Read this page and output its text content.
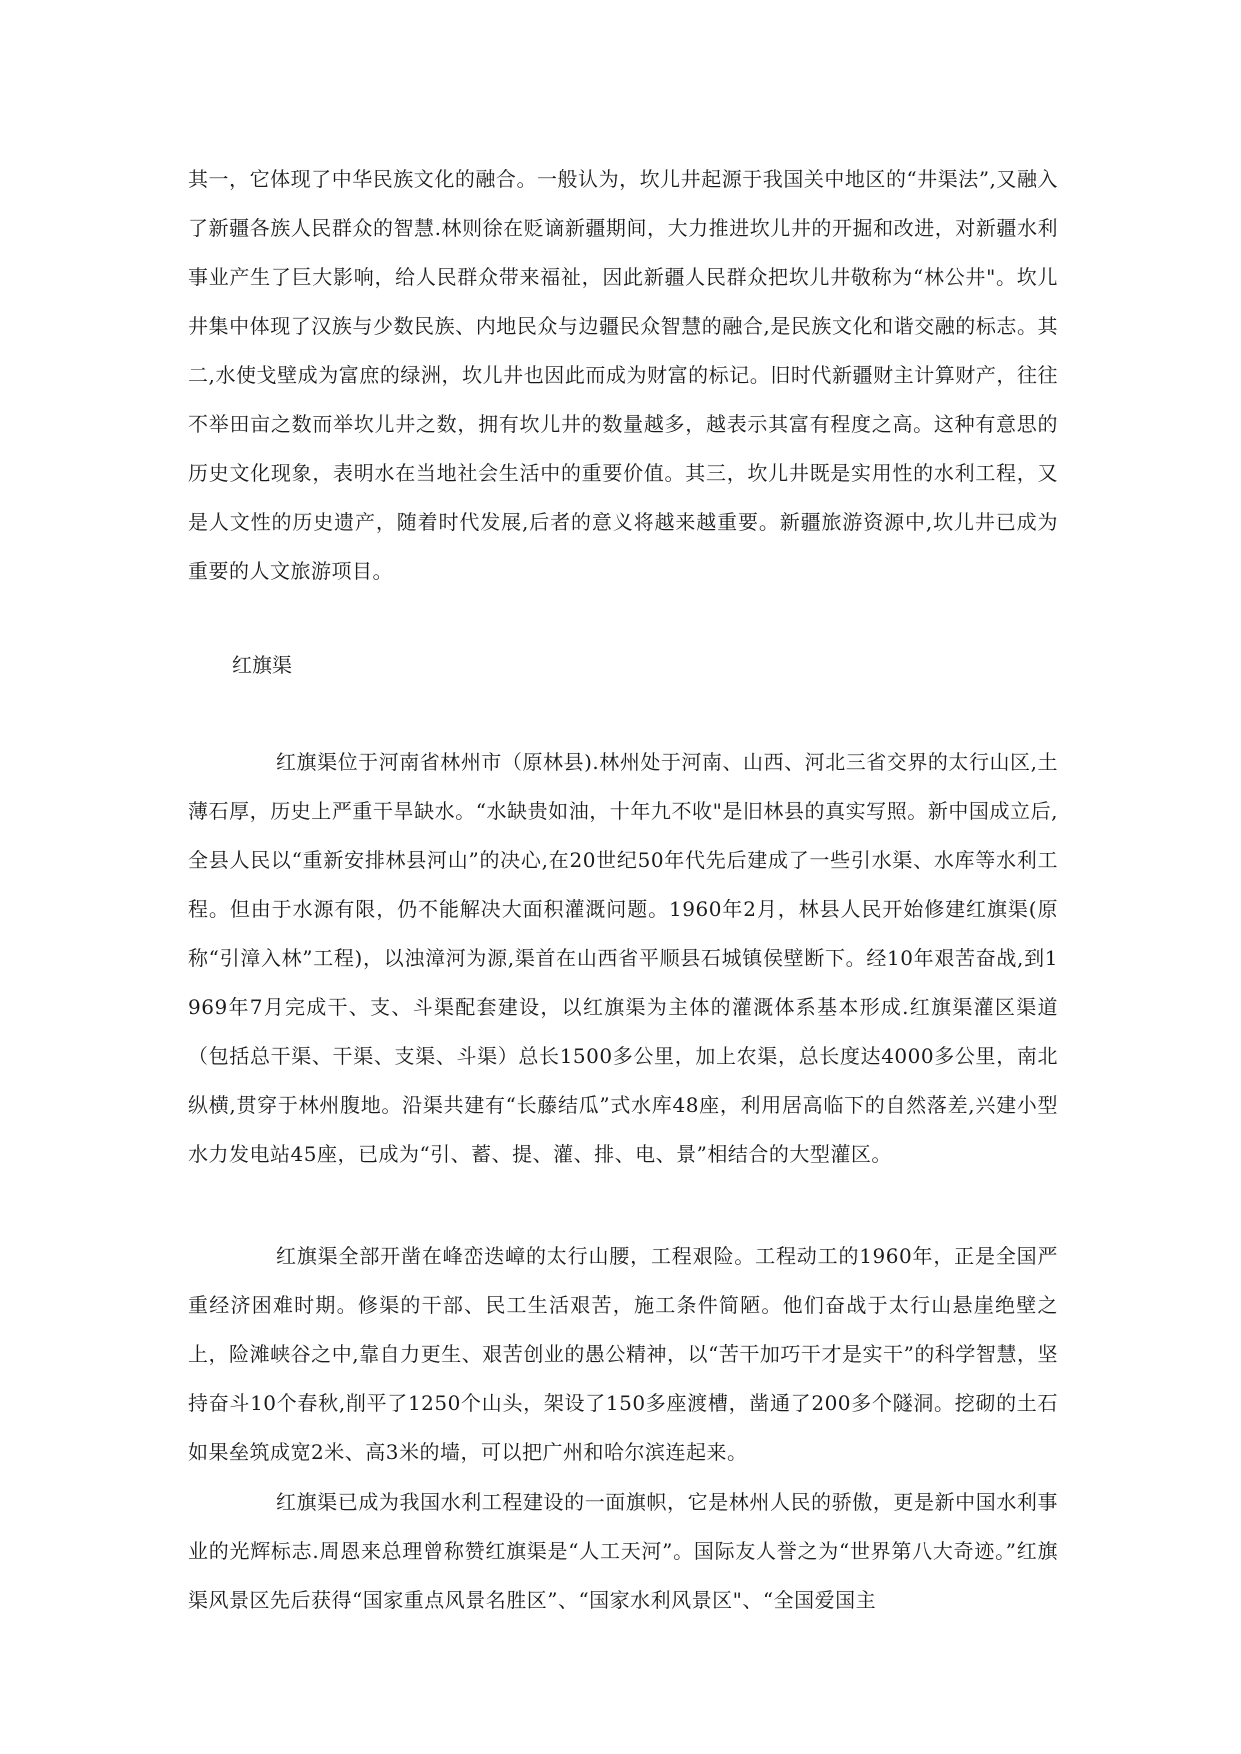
其一，它体现了中华民族文化的融合。一般认为，坎儿井起源于我国关中地区的“井渠法”,又融入了新疆各族人民群众的智慧.林则徐在贬谪新疆期间，大力推进坎儿井的开掘和改进，对新疆水利事业产生了巨大影响，给人民群众带来福祉，因此新疆人民群众把坎儿井敬称为“林公井"。坎儿井集中体现了汉族与少数民族、内地民众与边疆民众智慧的融合,是民族文化和谐交融的标志。其二,水使戈壁成为富庶的绿洲，坎儿井也因此而成为财富的标记。旧时代新疆财主计算财产，往往不举田亩之数而举坎儿井之数，拥有坎儿井的数量越多，越表示其富有程度之高。这种有意思的历史文化现象，表明水在当地社会生活中的重要价值。其三，坎儿井既是实用性的水利工程，又是人文性的历史遗产，随着时代发展,后者的意义将越来越重要。新疆旅游资源中,坎儿井已成为重要的人文旅游项目。

红旗渠

红旗渠位于河南省林州市（原林县).林州处于河南、山西、河北三省交界的太行山区,土薄石厚，历史上严重干旱缺水。“水缺贵如油，十年九不收"是旧林县的真实写照。新中国成立后,全县人民以“重新安排林县河山”的决心,在20世纪50年代先后建成了一些引水渠、水库等水利工程。但由于水源有限，仍不能解决大面积灌溉问题。1960年2月，林县人民开始修建红旗渠(原称“引漳入林”工程)，以浊漳河为源,渠首在山西省平顺县石城镇侯壁断下。经10年艰苦奋战,到1969年7月完成干、支、斗渠配套建设，以红旗渠为主体的灌溉体系基本形成.红旗渠灌区渠道（包括总干渠、干渠、支渠、斗渠）总长1500多公里，加上农渠，总长度达4000多公里，南北纵横,贯穿于林州腹地。沿渠共建有“长藤结瓜”式水库48座，利用居高临下的自然落差,兴建小型水力发电站45座，已成为“引、蓄、提、灌、排、电、景”相结合的大型灌区。

红旗渠全部开凿在峰峦迭嶂的太行山腰，工程艰险。工程动工的1960年，正是全国严重经济困难时期。修渠的干部、民工生活艰苦，施工条件简陋。他们奋战于太行山悬崖绝壁之上，险滩峡谷之中,靠自力更生、艰苦创业的愚公精神，以“苦干加巧干才是实干”的科学智慧，坚持奋斗10个春秋,削平了1250个山头，架设了150多座渡槽，凿通了200多个隧洞。挖砌的土石如果垒筑成宽2米、高3米的墙，可以把广州和哈尔滨连起来。

红旗渠已成为我国水利工程建设的一面旗帜，它是林州人民的骄傲，更是新中国水利事业的光辉标志.周恩来总理曾称赞红旗渠是“人工天河”。国际友人誉之为“世界第八大奇迹。”红旗渠风景区先后获得“国家重点风景名胜区”、“国家水利风景区"、“全国爱国主
